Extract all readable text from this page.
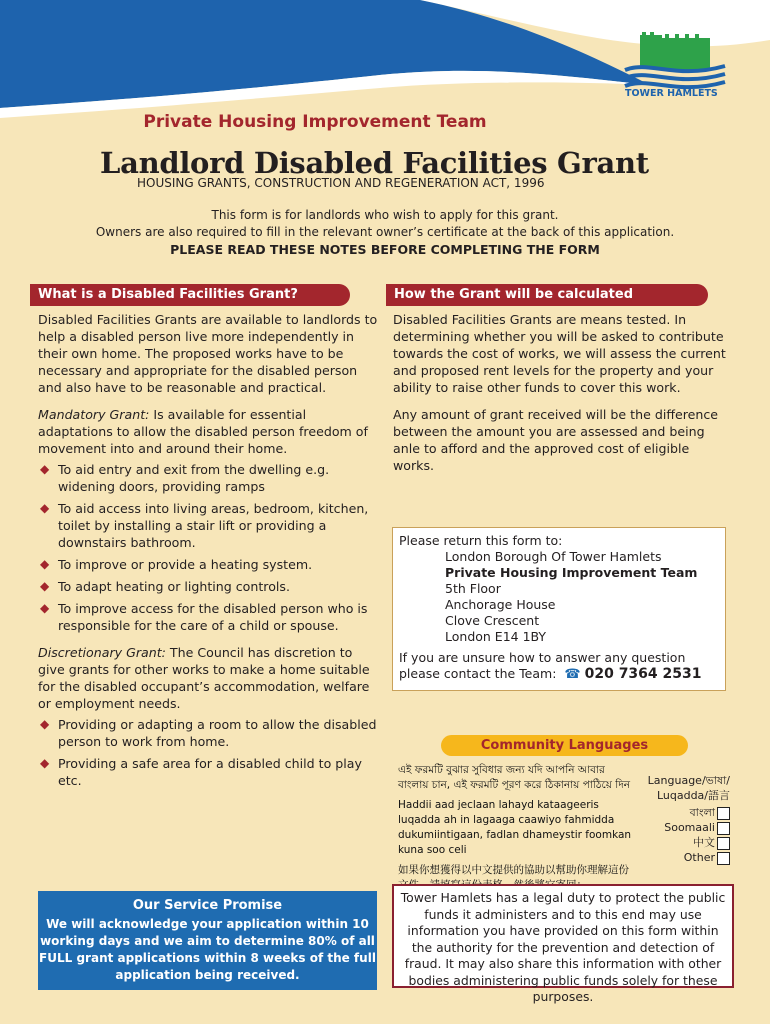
TOWER HAMLETS
Private Housing Improvement Team
Landlord Disabled Facilities Grant
HOUSING GRANTS, CONSTRUCTION AND REGENERATION ACT, 1996
This form is for landlords who wish to apply for this grant.
Owners are also required to fill in the relevant owner’s certificate at the back of this application.
PLEASE READ THESE NOTES BEFORE COMPLETING THE FORM
What is a Disabled Facilities Grant?

Disabled Facilities Grants are available to landlords to help a disabled person live more independently in their own home. The proposed works have to be necessary and appropriate for the disabled person and also have to be reasonable and practical.

Mandatory Grant: Is available for essential adaptations to allow the disabled person freedom of movement into and around their home.

◆ To aid entry and exit from the dwelling e.g. widening doors, providing ramps
◆ To aid access into living areas, bedroom, kitchen, toilet by installing a stair lift or providing a downstairs bathroom.
◆ To improve or provide a heating system.
◆ To adapt heating or lighting controls.
◆ To improve access for the disabled person who is responsible for the care of a child or spouse.

Discretionary Grant: The Council has discretion to give grants for other works to make a home suitable for the disabled occupant’s accommodation, welfare or employment needs.

◆ Providing or adapting a room to allow the disabled person to work from home.
◆ Providing a safe area for a disabled child to play etc.
How the Grant will be calculated

Disabled Facilities Grants are means tested. In determining whether you will be asked to contribute towards the cost of works, we will assess the current and proposed rent levels for the property and your ability to raise other funds to cover this work.

Any amount of grant received will be the difference between the amount you are assessed and being anle to afford and the approved cost of eligible works.

Please return this form to:
London Borough Of Tower Hamlets
Private Housing Improvement Team
5th Floor
Anchorage House
Clove Crescent
London E14 1BY
If you are unsure how to answer any question please contact the Team: ☎ 020 7364 2531
Community Languages
এই ফরমটি বুঝার সুবিধার জন্য যদি আপনি আবার বাংলায় চান, এই ফরমটি পূরণ করে ঠিকানায় পাঠিয়ে দিন
Haddii aad jeclaan lahayd kataageeris luqadda ah in lagaaga caawiyo fahmidda dukumiintigaan, fadlan dhameystir foomkan kuna soo celi
如果你想獲得以中文提供的協助以幫助你理解這份
Language/ভাষা/ Luqadda/語言
বাংলা
Soomaali
中文
Other
Our Service Promise
We will acknowledge your application within 10 working days and we aim to determine 80% of all FULL grant applications within 8 weeks of the full application being received.
Tower Hamlets has a legal duty to protect the public funds it administers and to this end may use information you have provided on this form within the authority for the prevention and detection of fraud. It may also share this information with other bodies administering public funds solely for these purposes.
